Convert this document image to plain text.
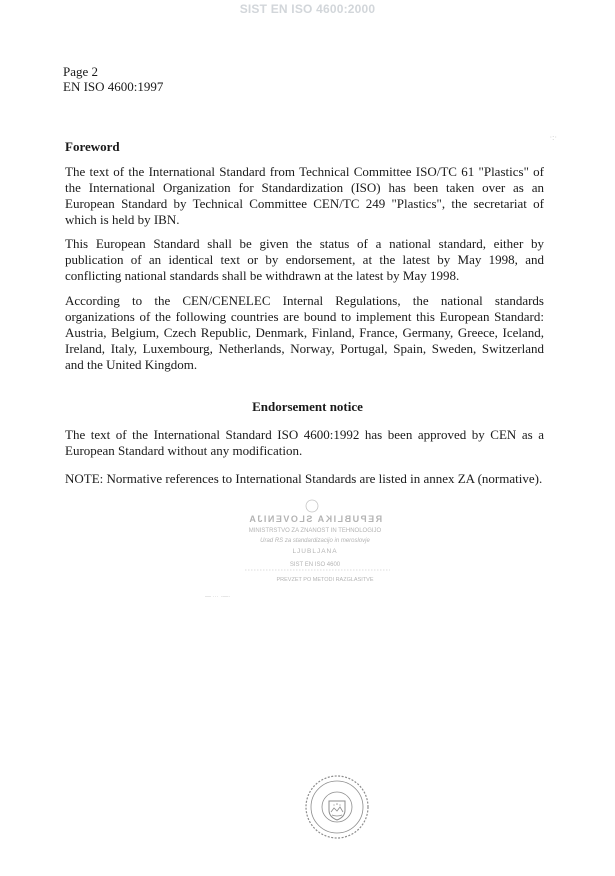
SIST EN ISO 4600:2000
Page 2
EN ISO 4600:1997
·:·
Foreword

The text of the International Standard from Technical Committee ISO/TC 61 "Plastics" of the International Organization for Standardization (ISO) has been taken over as an European Standard by Technical Committee CEN/TC 249 "Plastics", the secretariat of which is held by IBN.

This European Standard shall be given the status of a national standard, either by publication of an identical text or by endorsement, at the latest by May 1998, and conflicting national standards shall be withdrawn at the latest by May 1998.

According to the CEN/CENELEC Internal Regulations, the national standards organizations of the following countries are bound to implement this European Standard: Austria, Belgium, Czech Republic, Denmark, Finland, France, Germany, Greece, Iceland, Ireland, Italy, Luxembourg, Netherlands, Norway, Portugal, Spain, Sweden, Switzerland and the United Kingdom.

Endorsement notice

The text of the International Standard ISO 4600:1992 has been approved by CEN as a European Standard without any modification.

NOTE: Normative references to International Standards are listed in annex ZA (normative).

REPUBLIKA SLOVENIJA
MINISTRSTVO ZA ZNANOST IN TEHNOLOGIJO
Urad RS za standardizacijo in meroslovje
LJUBLJANA
SIST EN ISO 4600
PREVZET PO METODI RAZGLASITVE
— ··· ·—·
